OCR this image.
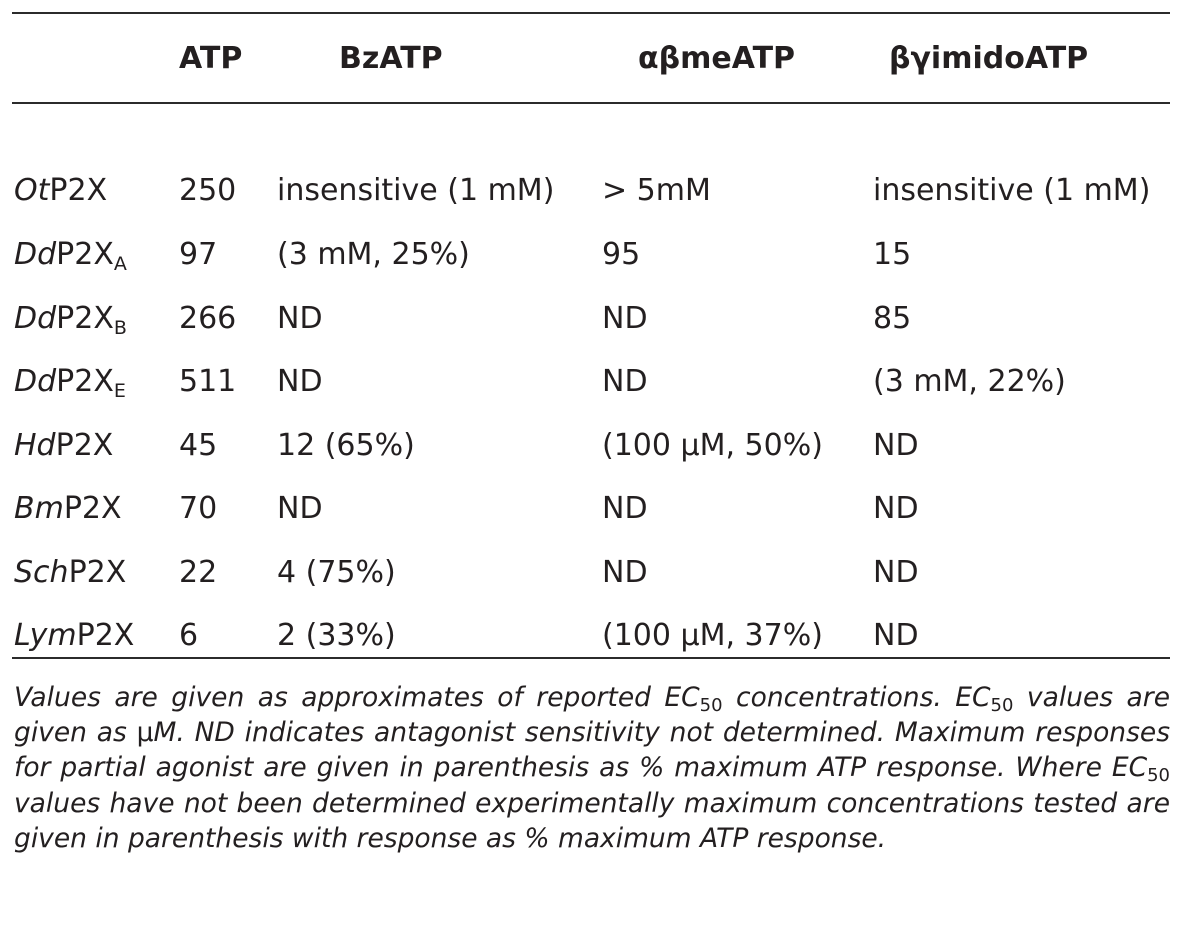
	ATP	BzATP	αβmeATP	βγimidoATP

OtP2X	250	insensitive (1 mM)	> 5mM	insensitive (1 mM)
$DdP2X_A$	97	(3 mM, 25%)	95	15
$DdP2X_B$	266	ND	ND	85
$DdP2X_E$	511	ND	ND	(3 mM, 22%)
HdP2X	45	12 (65%)	(100 μM, 50%)	ND
BmP2X	70	ND	ND	ND
SchP2X	22	4 (75%)	ND	ND
LymP2X	6	2 (33%)	(100 μM, 37%)	ND

Values are given as approximates of reported $EC_{50}$ concentrations. $EC_{50}$ values are given as μM. ND indicates antagonist sensitivity not determined. Maximum responses for partial agonist are given in parenthesis as % maximum ATP response. Where $EC_{50}$ values have not been determined experimentally maximum concentrations tested are given in parenthesis with response as % maximum ATP response.
